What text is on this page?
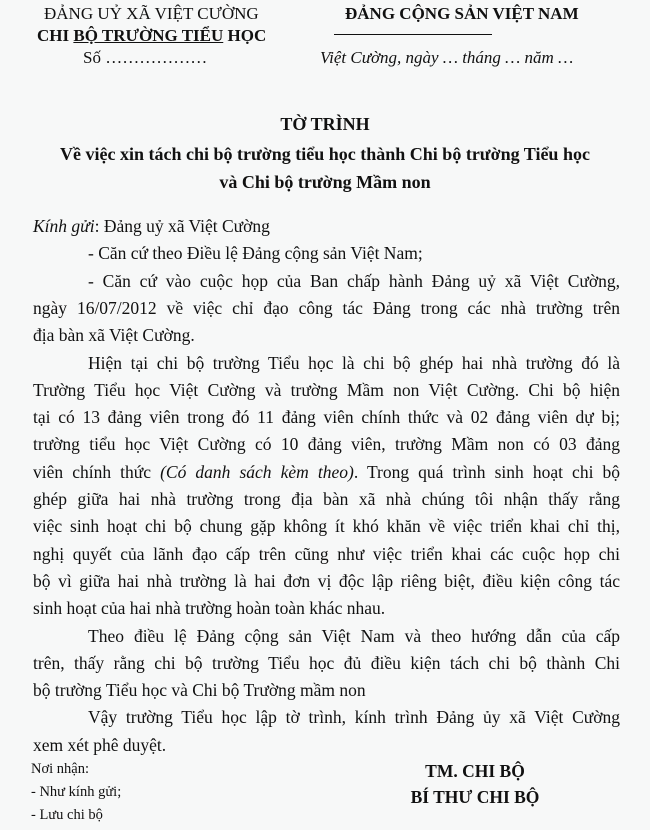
ĐẢNG UỶ XÃ VIỆT CƯỜNG
CHI BỘ TRƯỜNG TIỂU HỌC
Số ………………
ĐẢNG CỘNG SẢN VIỆT NAM
Việt Cường, ngày … tháng … năm …
TỜ TRÌNH
Về việc xin tách chi bộ trường tiểu học thành Chi bộ trường Tiểu học
và Chi bộ trường Mầm non
Kính gửi: Đảng uỷ xã Việt Cường
- Căn cứ theo Điều lệ Đảng cộng sản Việt Nam;
- Căn cứ vào cuộc họp của Ban chấp hành Đảng uỷ xã Việt Cường,
ngày 16/07/2012 về việc chỉ đạo công tác Đảng trong các nhà trường trên
địa bàn xã Việt Cường.
Hiện tại chi bộ trường Tiểu học là chi bộ ghép hai nhà trường đó là
Trường Tiểu học Việt Cường và trường Mầm non Việt Cường. Chi bộ hiện
tại có 13 đảng viên trong đó 11 đảng viên chính thức và 02 đảng viên dự bị;
trường tiểu học Việt Cường có 10 đảng viên, trường Mầm non có 03 đảng
viên chính thức (Có danh sách kèm theo). Trong quá trình sinh hoạt chi bộ
ghép giữa hai nhà trường trong địa bàn xã nhà chúng tôi nhận thấy rằng
việc sinh hoạt chi bộ chung gặp không ít khó khăn về việc triển khai chỉ thị,
nghị quyết của lãnh đạo cấp trên cũng như việc triển khai các cuộc họp chi
bộ vì giữa hai nhà trường là hai đơn vị độc lập riêng biệt, điều kiện công tác
sinh hoạt của hai nhà trường hoàn toàn khác nhau.
Theo điều lệ Đảng cộng sản Việt Nam và theo hướng dẫn của cấp
trên, thấy rằng chi bộ trường Tiểu học đủ điều kiện tách chi bộ thành Chi
bộ trường Tiểu học và Chi bộ Trường mầm non
Vậy trường Tiểu học lập tờ trình, kính trình Đảng ủy xã Việt Cường
xem xét phê duyệt.
Nơi nhận:
- Như kính gửi;
- Lưu chi bộ
TM. CHI BỘ
BÍ THƯ CHI BỘ
